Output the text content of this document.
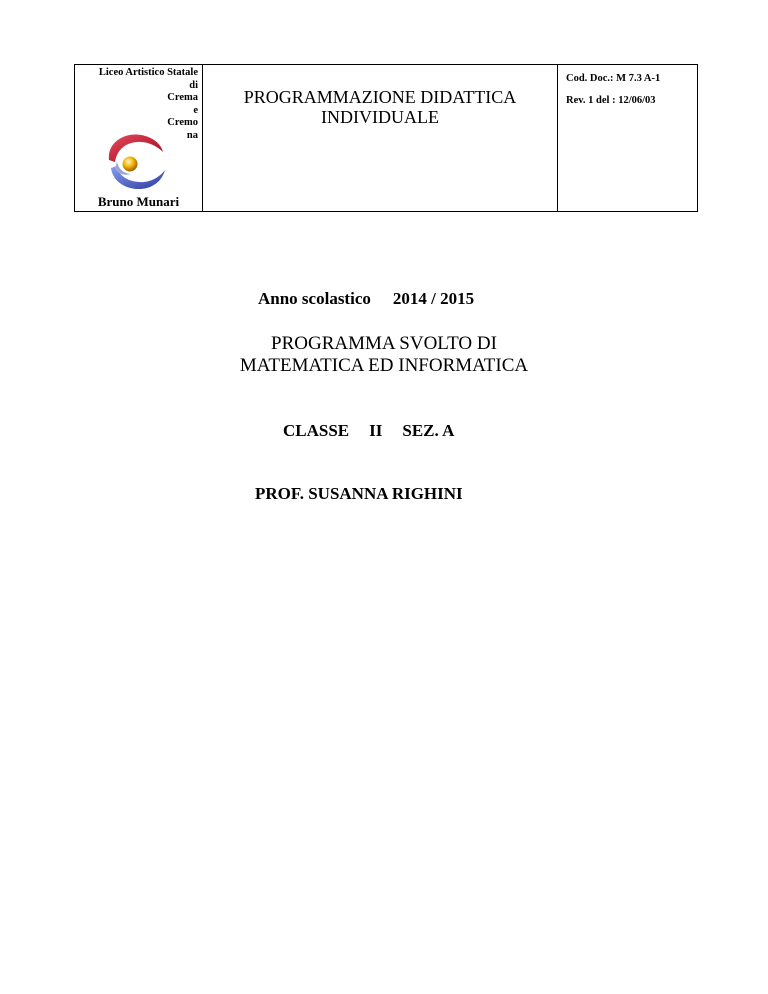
Liceo Artistico Statale
di
Crema
e
Cremo
na
Bruno Munari
PROGRAMMAZIONE DIDATTICA
INDIVIDUALE
Cod. Doc.: M 7.3 A-1
Rev. 1 del : 12/06/03
Anno scolastico 2014 / 2015
PROGRAMMA SVOLTO DI
MATEMATICA ED INFORMATICA
CLASSE II SEZ. A
PROF. SUSANNA RIGHINI
